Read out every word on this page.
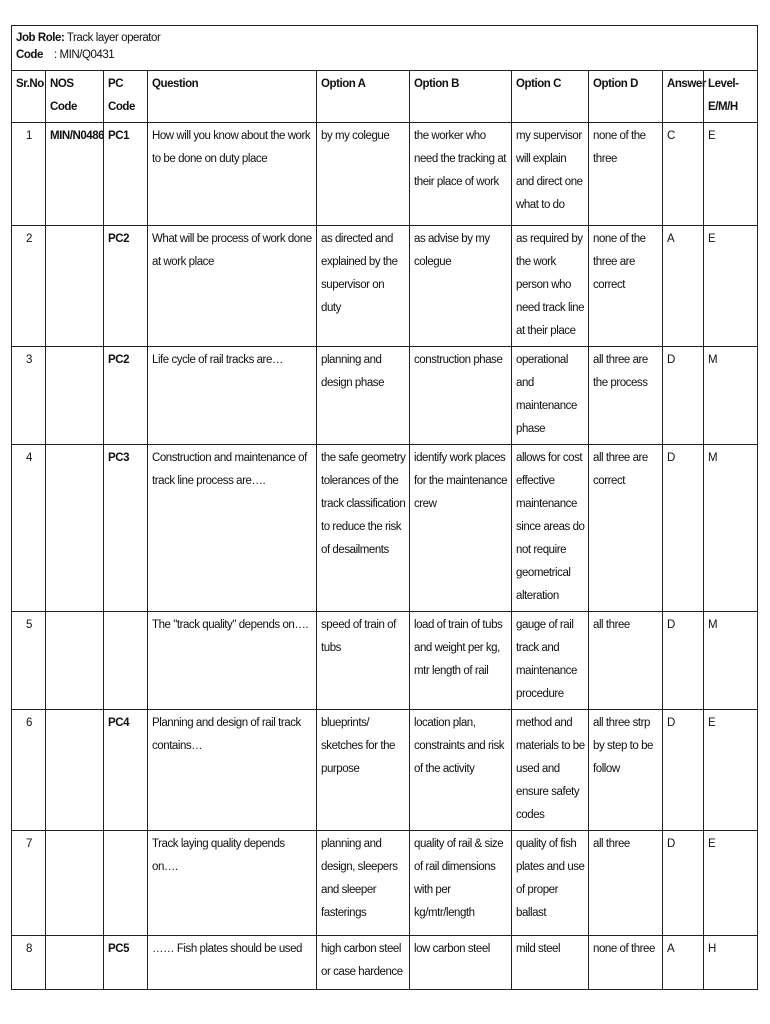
Job Role: Track layer operator
Code : MIN/Q0431									

Sr.No	NOS Code	PC Code	Question	Option A	Option B	Option C	Option D	Answer	Level- E/M/H
1	MIN/N0486	PC1	How will you know about the work to be done on duty place	by my colegue	the worker who need the tracking at their place of work	my supervisor will explain and direct one what to do	none of the three	C	E
2		PC2	What will be process of work done at work place	as directed and explained by the supervisor on duty	as advise by my colegue	as required by the work person who need track line at their place	none of the three are correct	A	E
3		PC2	Life cycle of rail tracks are…	planning and design phase	construction phase	operational and maintenance phase	all three are the process	D	M
4		PC3	Construction and maintenance of track line process are….	the safe geometry tolerances of the track classification to reduce the risk of desailments	identify work places for the maintenance crew	allows for cost effective maintenance since areas do not require geometrical alteration	all three are correct	D	M
5			The "track quality" depends on….	speed of train of tubs	load of train of tubs and weight per kg, mtr length of rail	gauge of rail track and maintenance procedure	all three	D	M
6		PC4	Planning and design of rail track contains…	blueprints/ sketches for the purpose	location plan, constraints and risk of the activity	method and materials to be used and ensure safety codes	all three strp by step to be follow	D	E
7			Track laying quality depends on….	planning and design, sleepers and sleeper fasterings	quality of rail & size of rail dimensions with per kg/mtr/length	quality of fish plates and use of proper ballast	all three	D	E
8		PC5	…… Fish plates should be used	high carbon steel or case hardence	low carbon steel	mild steel	none of three	A	H
